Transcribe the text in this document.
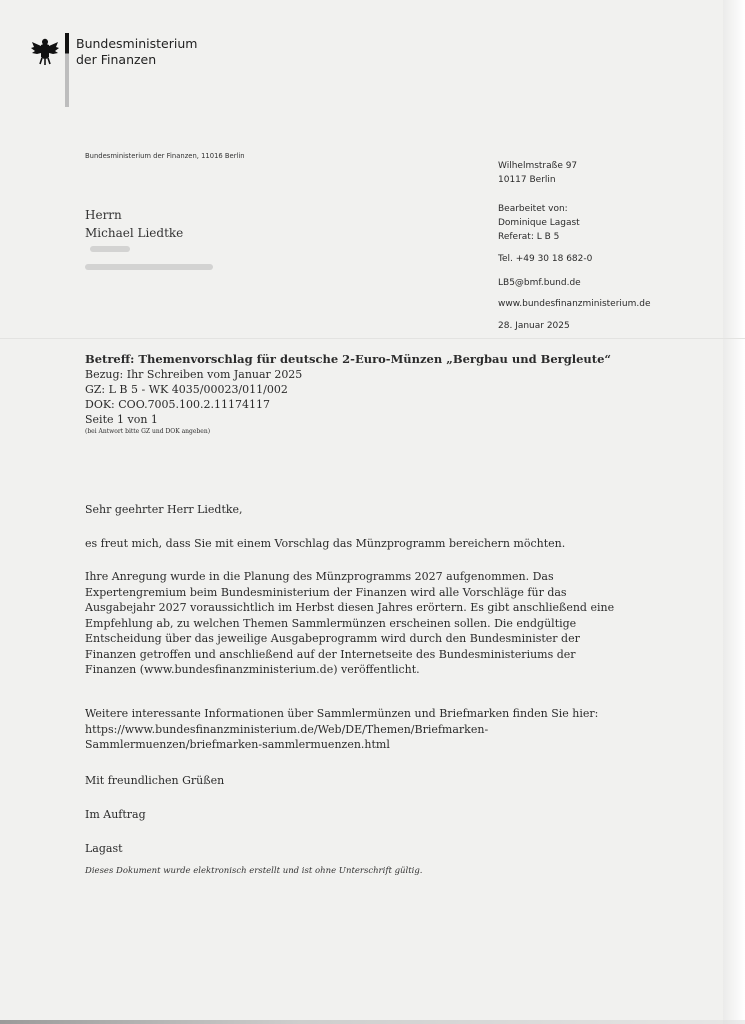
Bundesministerium
der Finanzen
Bundesministerium der Finanzen, 11016 Berlin
Herrn
Michael Liedtke
Wilhelmstraße 97
10117 Berlin
Bearbeitet von:
Dominique Lagast
Referat: L B 5
Tel. +49 30 18 682-0
LB5@bmf.bund.de
www.bundesfinanzministerium.de
28. Januar 2025
Betreff: Themenvorschlag für deutsche 2-Euro-Münzen „Bergbau und Bergleute“
Bezug: Ihr Schreiben vom Januar 2025
GZ: L B 5 - WK 4035/00023/011/002
DOK: COO.7005.100.2.11174117
Seite 1 von 1
(bei Antwort bitte GZ und DOK angeben)
Sehr geehrter Herr Liedtke,
es freut mich, dass Sie mit einem Vorschlag das Münzprogramm bereichern möchten.
Ihre Anregung wurde in die Planung des Münzprogramms 2027 aufgenommen. Das
Expertengremium beim Bundesministerium der Finanzen wird alle Vorschläge für das
Ausgabejahr 2027 voraussichtlich im Herbst diesen Jahres erörtern. Es gibt anschließend eine
Empfehlung ab, zu welchen Themen Sammlermünzen erscheinen sollen. Die endgültige
Entscheidung über das jeweilige Ausgabeprogramm wird durch den Bundesminister der
Finanzen getroffen und anschließend auf der Internetseite des Bundesministeriums der
Finanzen (www.bundesfinanzministerium.de) veröffentlicht.
Weitere interessante Informationen über Sammlermünzen und Briefmarken finden Sie hier:
https://www.bundesfinanzministerium.de/Web/DE/Themen/Briefmarken-
Sammlermuenzen/briefmarken-sammlermuenzen.html
Mit freundlichen Grüßen
Im Auftrag
Lagast
Dieses Dokument wurde elektronisch erstellt und ist ohne Unterschrift gültig.
